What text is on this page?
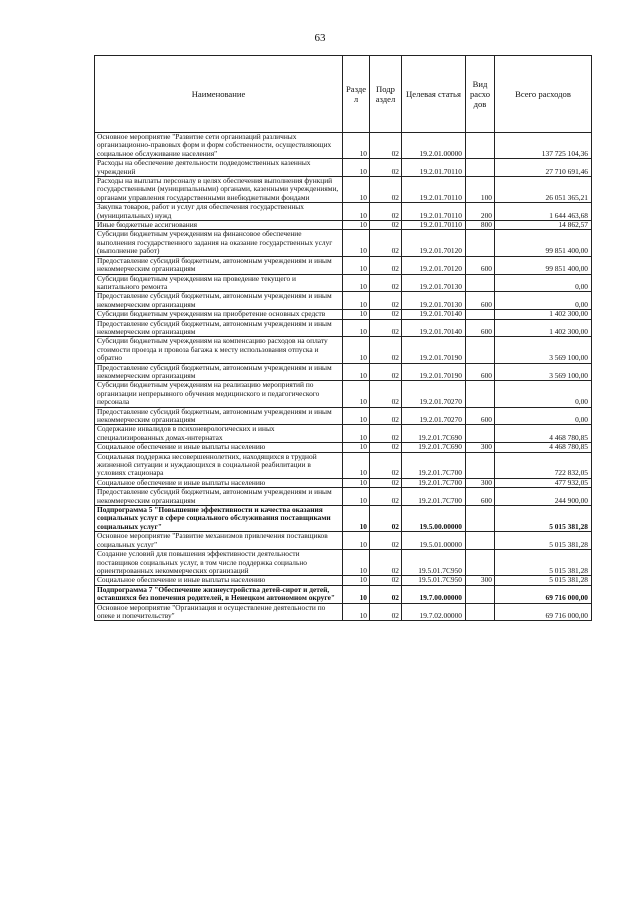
63
Наименование	Разде л	Подр аздел	Целевая статья	Вид расхо дов	Всего расходов
Основное мероприятие "Развитие сети организаций различных организационно-правовых форм и форм собственности, осуществляющих социальное обслуживание населения"	10	02	19.2.01.00000		137 725 104,36
Расходы на обеспечение деятельности подведомственных казенных учреждений	10	02	19.2.01.70110		27 710 691,46
Расходы на выплаты персоналу в целях обеспечения выполнения функций государственными (муниципальными) органами, казенными учреждениями, органами управления государственными внебюджетными фондами	10	02	19.2.01.70110	100	26 051 365,21
Закупка товаров, работ и услуг для обеспечения государственных (муниципальных) нужд	10	02	19.2.01.70110	200	1 644 463,68
Иные бюджетные ассигнования	10	02	19.2.01.70110	800	14 862,57
Субсидии бюджетным учреждениям на финансовое обеспечение выполнения государственного задания на оказание государственных услуг (выполнение работ)	10	02	19.2.01.70120		99 851 400,00
Предоставление субсидий бюджетным, автономным учреждениям и иным некоммерческим организациям	10	02	19.2.01.70120	600	99 851 400,00
Субсидии бюджетным учреждениям на проведение текущего и капитального ремонта	10	02	19.2.01.70130		0,00
Предоставление субсидий бюджетным, автономным учреждениям и иным некоммерческим организациям	10	02	19.2.01.70130	600	0,00
Субсидии бюджетным учреждениям на приобретение основных средств	10	02	19.2.01.70140		1 402 300,00
Предоставление субсидий бюджетным, автономным учреждениям и иным некоммерческим организациям	10	02	19.2.01.70140	600	1 402 300,00
Субсидии бюджетным учреждениям на компенсацию расходов на оплату стоимости проезда и провоза багажа к месту использования отпуска и обратно	10	02	19.2.01.70190		3 569 100,00
Предоставление субсидий бюджетным, автономным учреждениям и иным некоммерческим организациям	10	02	19.2.01.70190	600	3 569 100,00
Субсидии бюджетным учреждениям на реализацию мероприятий по организации непрерывного обучения медицинского и педагогического персонала	10	02	19.2.01.70270		0,00
Предоставление субсидий бюджетным, автономным учреждениям и иным некоммерческим организациям	10	02	19.2.01.70270	600	0,00
Содержание инвалидов в психоневрологических и иных специализированных домах-интернатах	10	02	19.2.01.7С690		4 468 780,85
Социальное обеспечение и иные выплаты населению	10	02	19.2.01.7С690	300	4 468 780,85
Социальная поддержка несовершеннолетних, находящихся в трудной жизненной ситуации и нуждающихся в социальной реабилитации в условиях стационара	10	02	19.2.01.7С700		722 832,05
Социальное обеспечение и иные выплаты населению	10	02	19.2.01.7С700	300	477 932,05
Предоставление субсидий бюджетным, автономным учреждениям и иным некоммерческим организациям	10	02	19.2.01.7С700	600	244 900,00
Подпрограмма 5 "Повышение эффективности и качества оказания социальных услуг в сфере социального обслуживания поставщиками социальных услуг"	10	02	19.5.00.00000		5 015 381,28
Основное мероприятие "Развитие механизмов привлечения поставщиков социальных услуг"	10	02	19.5.01.00000		5 015 381,28
Создание условий для повышения эффективности деятельности поставщиков социальных услуг, в том числе поддержка социально ориентированных некоммерческих организаций	10	02	19.5.01.7С950		5 015 381,28
Социальное обеспечение и иные выплаты населению	10	02	19.5.01.7С950	300	5 015 381,28
Подпрограмма 7 "Обеспечение жизнеустройства детей-сирот и детей, оставшихся без попечения родителей, в Ненецком автономном округе"	10	02	19.7.00.00000		69 716 000,00
Основное мероприятие "Организация и осуществление деятельности по опеке и попечительству"	10	02	19.7.02.00000		69 716 000,00
